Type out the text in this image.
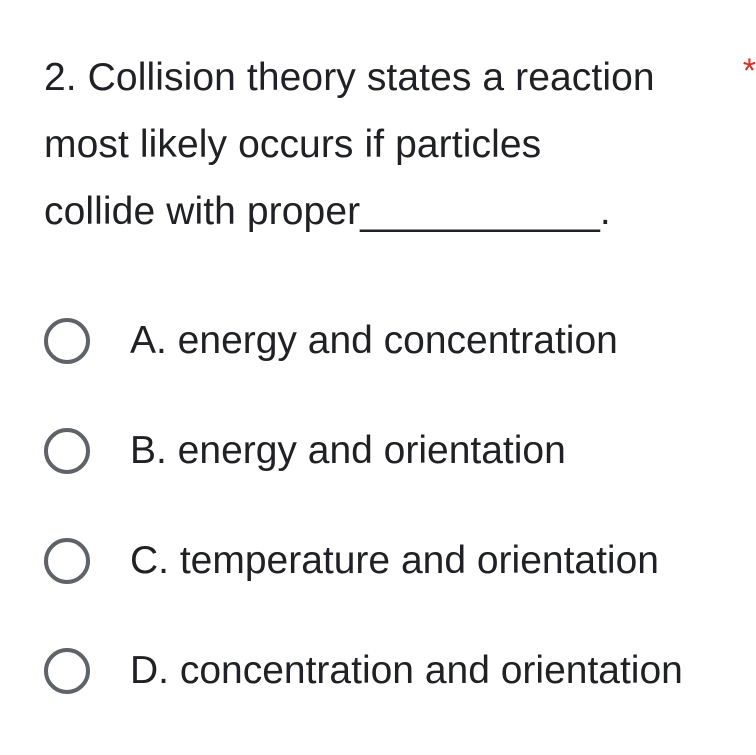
2. Collision theory states a reaction
most likely occurs if particles
collide with proper___________.
*
A. energy and concentration
B. energy and orientation
C. temperature and orientation
D. concentration and orientation
